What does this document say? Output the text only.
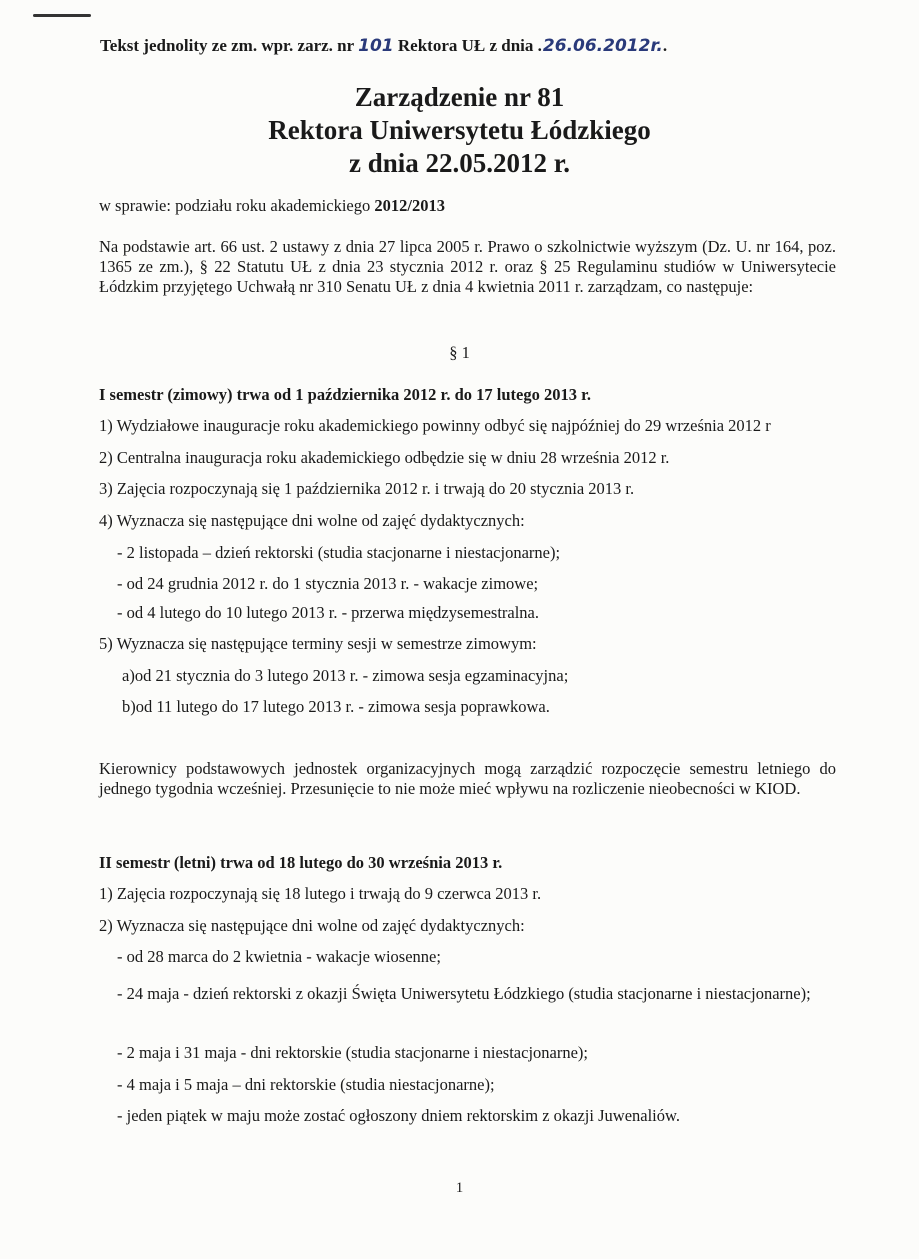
Tekst jednolity ze zm. wpr. zarz. nr 101 Rektora UŁ z dnia .26.06.2012r..
Zarządzenie nr 81
Rektora Uniwersytetu Łódzkiego
z dnia 22.05.2012 r.
w sprawie: podziału roku akademickiego 2012/2013
Na podstawie art. 66 ust. 2 ustawy z dnia 27 lipca 2005 r. Prawo o szkolnictwie wyższym (Dz. U. nr 164, poz. 1365 ze zm.), § 22 Statutu UŁ z dnia 23 stycznia 2012 r. oraz § 25 Regulaminu studiów w Uniwersytecie Łódzkim przyjętego Uchwałą nr 310 Senatu UŁ z dnia 4 kwietnia 2011 r. zarządzam, co następuje:
§ 1
I semestr (zimowy) trwa od 1 października 2012 r. do 17 lutego 2013 r.
1) Wydziałowe inauguracje roku akademickiego powinny odbyć się najpóźniej do 29 września 2012 r
2) Centralna inauguracja roku akademickiego odbędzie się w dniu 28 września 2012 r.
3) Zajęcia rozpoczynają się 1 października 2012 r. i trwają do 20 stycznia 2013 r.
4) Wyznacza się następujące dni wolne od zajęć dydaktycznych:
- 2 listopada – dzień rektorski (studia stacjonarne i niestacjonarne);
- od 24 grudnia 2012 r. do 1 stycznia 2013 r. - wakacje zimowe;
- od 4 lutego do 10 lutego 2013 r. - przerwa międzysemestralna.
5) Wyznacza się następujące terminy sesji w semestrze zimowym:
a)od 21 stycznia do 3 lutego 2013 r. - zimowa sesja egzaminacyjna;
b)od 11 lutego do 17 lutego 2013 r. - zimowa sesja poprawkowa.
Kierownicy podstawowych jednostek organizacyjnych mogą zarządzić rozpoczęcie semestru letniego do jednego tygodnia wcześniej. Przesunięcie to nie może mieć wpływu na rozliczenie nieobecności w KIOD.
II semestr (letni) trwa od 18 lutego do 30 września 2013 r.
1) Zajęcia rozpoczynają się 18 lutego i trwają do 9 czerwca 2013 r.
2) Wyznacza się następujące dni wolne od zajęć dydaktycznych:
- od 28 marca do 2 kwietnia - wakacje wiosenne;
- 24 maja - dzień rektorski z okazji Święta Uniwersytetu Łódzkiego (studia stacjonarne i niestacjonarne);
- 2 maja i 31 maja - dni rektorskie (studia stacjonarne i niestacjonarne);
- 4 maja i 5 maja – dni rektorskie (studia niestacjonarne);
- jeden piątek w maju może zostać ogłoszony dniem rektorskim z okazji Juwenaliów.
1
